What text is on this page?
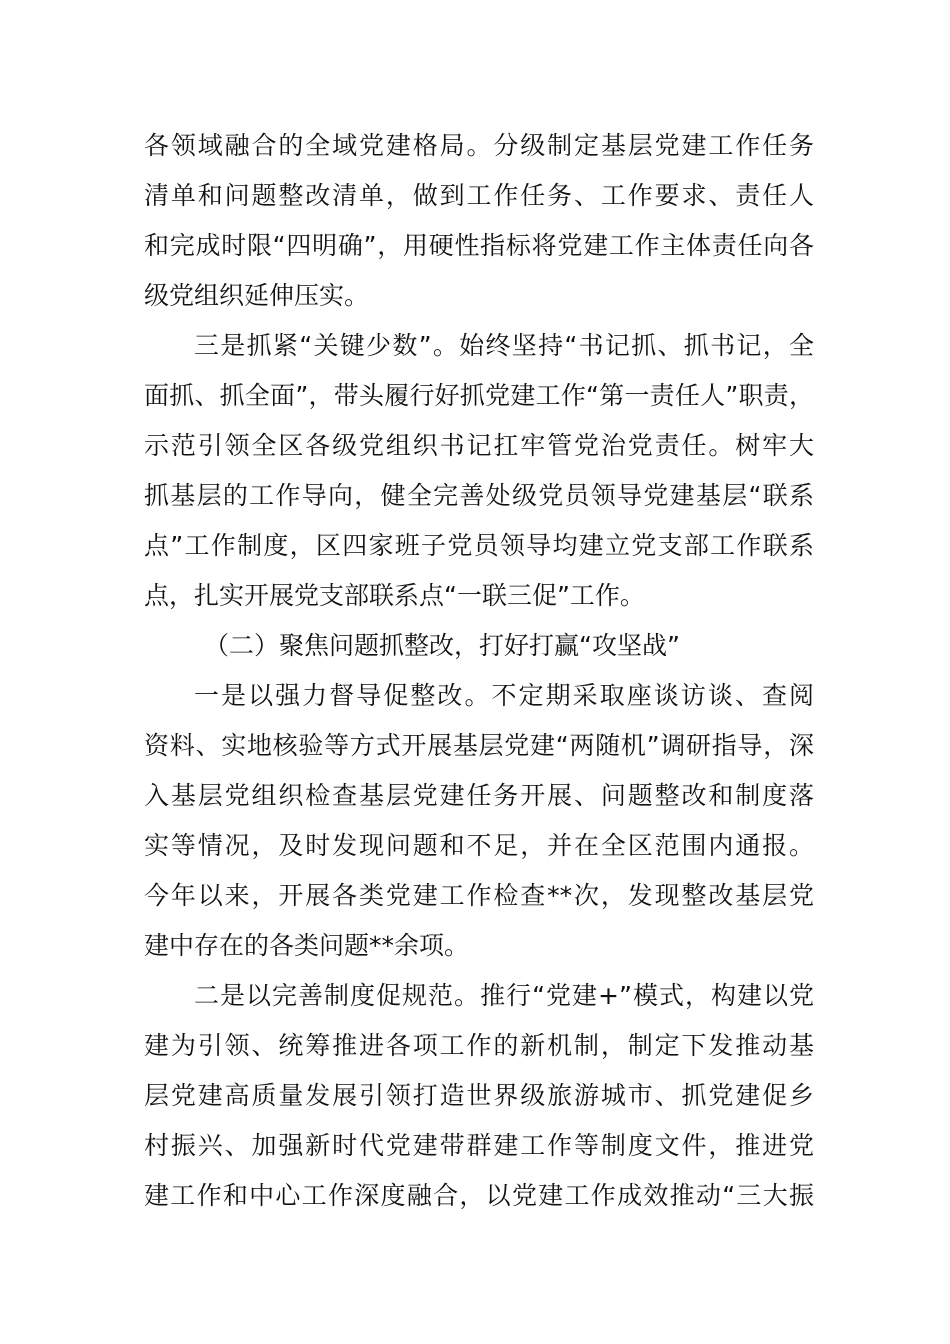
各领域融合的全域党建格局。分级制定基层党建工作任务
清单和问题整改清单，做到工作任务、工作要求、责任人
和完成时限“四明确”，用硬性指标将党建工作主体责任向各
级党组织延伸压实。
三是抓紧“关键少数”。始终坚持“书记抓、抓书记，全
面抓、抓全面”，带头履行好抓党建工作“第一责任人”职责，
示范引领全区各级党组织书记扛牢管党治党责任。树牢大
抓基层的工作导向，健全完善处级党员领导党建基层“联系
点”工作制度，区四家班子党员领导均建立党支部工作联系
点，扎实开展党支部联系点“一联三促”工作。
（二）聚焦问题抓整改，打好打赢“攻坚战”
一是以强力督导促整改。不定期采取座谈访谈、查阅
资料、实地核验等方式开展基层党建“两随机”调研指导，深
入基层党组织检查基层党建任务开展、问题整改和制度落
实等情况，及时发现问题和不足，并在全区范围内通报。
今年以来，开展各类党建工作检查**次，发现整改基层党
建中存在的各类问题**余项。
二是以完善制度促规范。推行“党建+”模式，构建以党
建为引领、统筹推进各项工作的新机制，制定下发推动基
层党建高质量发展引领打造世界级旅游城市、抓党建促乡
村振兴、加强新时代党建带群建工作等制度文件，推进党
建工作和中心工作深度融合，以党建工作成效推动“三大振
